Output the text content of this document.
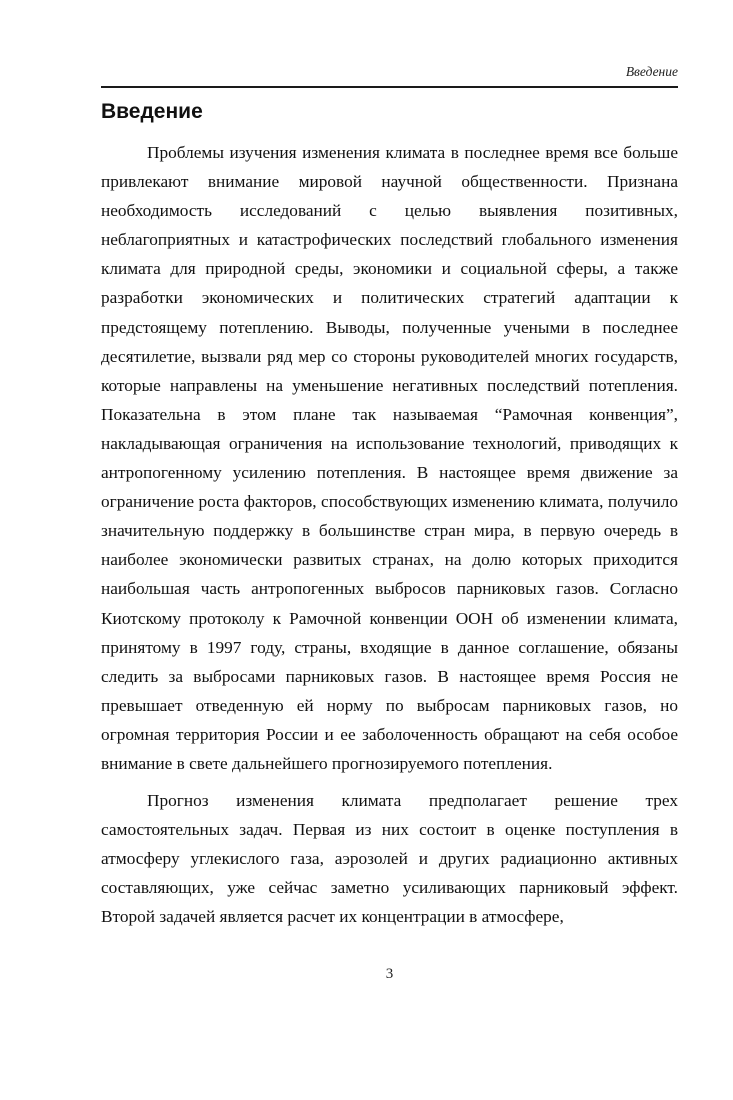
Введение
Введение

Проблемы изучения изменения климата в последнее время все больше привлекают внимание мировой научной общественности. Признана необходимость исследований с целью выявления позитивных, неблагоприятных и катастрофических последствий глобального изменения климата для природной среды, экономики и социальной сферы, а также разработки экономических и политических стратегий адаптации к предстоящему потеплению. Выводы, полученные учеными в последнее десятилетие, вызвали ряд мер со стороны руководителей многих государств, которые направлены на уменьшение негативных последствий потепления. Показательна в этом плане так называемая “Рамочная конвенция”, накладывающая ограничения на использование технологий, приводящих к антропогенному усилению потепления. В настоящее время движение за ограничение роста факторов, способствующих изменению климата, получило значительную поддержку в большинстве стран мира, в первую очередь в наиболее экономически развитых странах, на долю которых приходится наибольшая часть антропогенных выбросов парниковых газов. Согласно Киотскому протоколу к Рамочной конвенции ООН об изменении климата, принятому в 1997 году, страны, входящие в данное соглашение, обязаны следить за выбросами парниковых газов. В настоящее время Россия не превышает отведенную ей норму по выбросам парниковых газов, но огромная территория России и ее заболоченность обращают на себя особое внимание в свете дальнейшего прогнозируемого потепления.

Прогноз изменения климата предполагает решение трех самостоятельных задач. Первая из них состоит в оценке поступления в атмосферу углекислого газа, аэрозолей и других радиационно активных составляющих, уже сейчас заметно усиливающих парниковый эффект. Второй задачей является расчет их концентрации в атмосфере,

3
